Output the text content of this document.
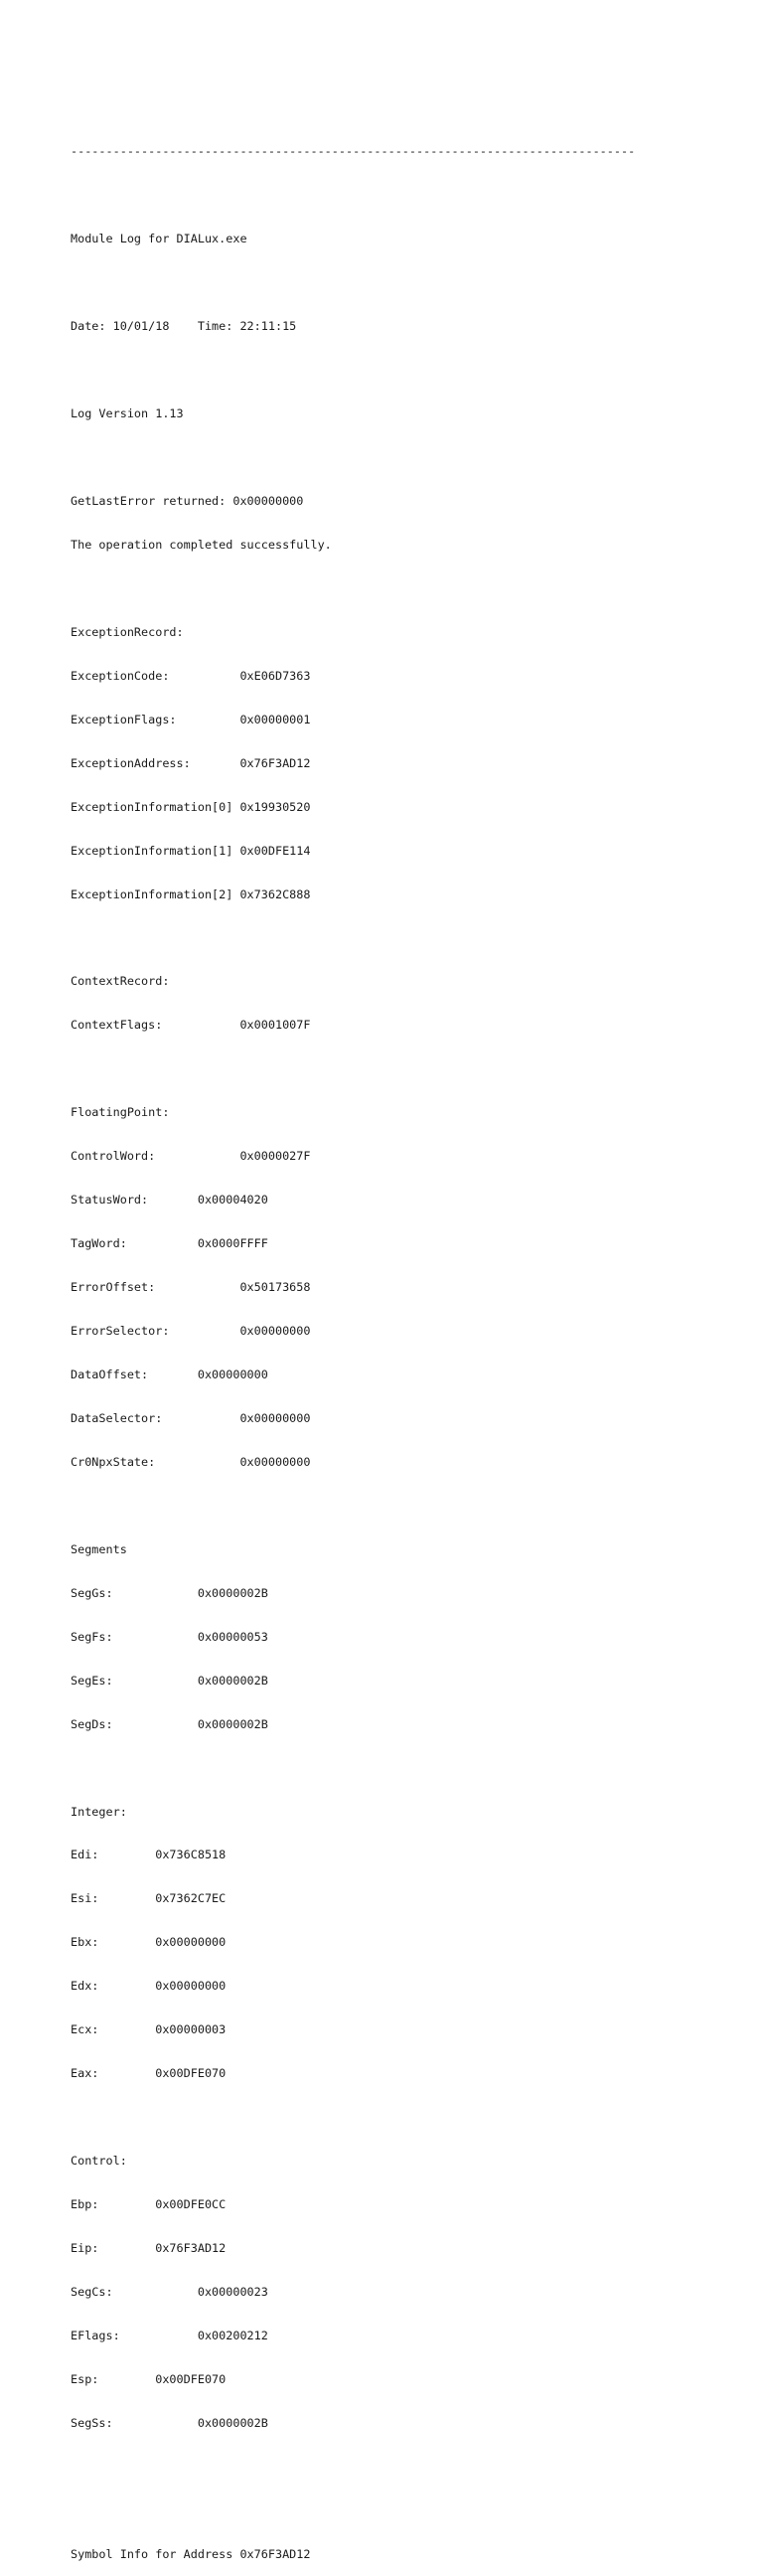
--------------------------------------------------------------------------------

Module Log for DIALux.exe

Date: 10/01/18    Time: 22:11:15

Log Version 1.13

GetLastError returned: 0x00000000

The operation completed successfully.

ExceptionRecord:

ExceptionCode:          0xE06D7363

ExceptionFlags:         0x00000001

ExceptionAddress:       0x76F3AD12

ExceptionInformation[0] 0x19930520

ExceptionInformation[1] 0x00DFE114

ExceptionInformation[2] 0x7362C888

ContextRecord:

ContextFlags:           0x0001007F

FloatingPoint:

ControlWord:            0x0000027F

StatusWord:       0x00004020

TagWord:          0x0000FFFF

ErrorOffset:            0x50173658

ErrorSelector:          0x00000000

DataOffset:       0x00000000

DataSelector:           0x00000000

Cr0NpxState:            0x00000000

Segments

SegGs:            0x0000002B

SegFs:            0x00000053

SegEs:            0x0000002B

SegDs:            0x0000002B

Integer:

Edi:        0x736C8518

Esi:        0x7362C7EC

Ebx:        0x00000000

Edx:        0x00000000

Ecx:        0x00000003

Eax:        0x00DFE070

Control:

Ebp:        0x00DFE0CC

Eip:        0x76F3AD12

SegCs:            0x00000023

EFlags:           0x00200212

Esp:        0x00DFE070

SegSs:            0x0000002B

Symbol Info for Address 0x76F3AD12
